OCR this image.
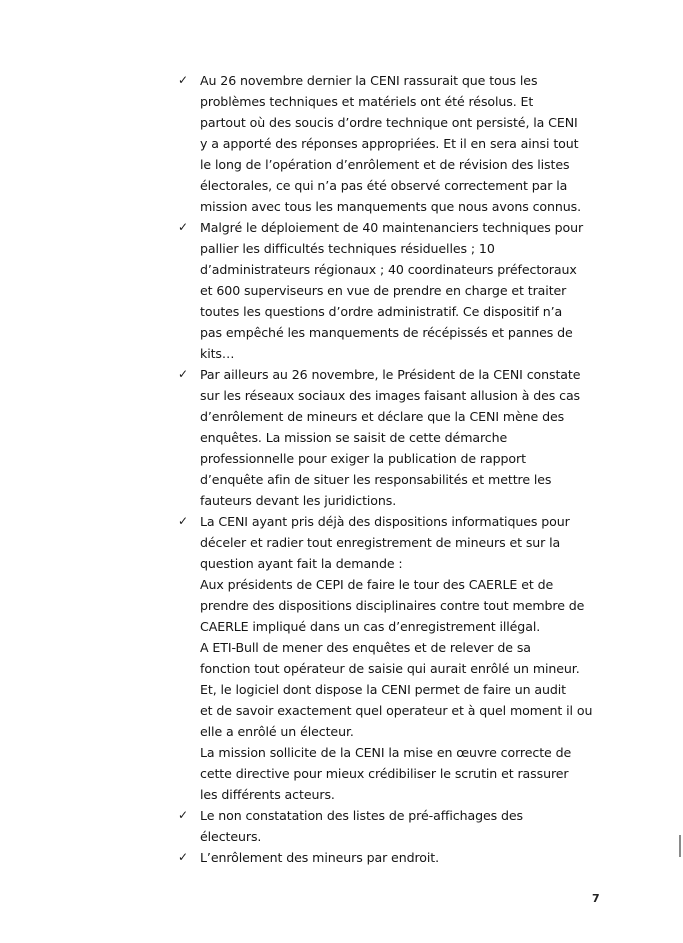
✓ Au 26 novembre dernier la CENI rassurait que tous les
problèmes techniques et matériels ont été résolus. Et
partout où des soucis d’ordre technique ont persisté, la CENI
y a apporté des réponses appropriées. Et il en sera ainsi tout
le long de l’opération d’enrôlement et de révision des listes
électorales, ce qui n’a pas été observé correctement par la
mission avec tous les manquements que nous avons connus.
✓ Malgré le déploiement de 40 maintenanciers techniques pour
pallier les difficultés techniques résiduelles ; 10
d’administrateurs régionaux ; 40 coordinateurs préfectoraux
et 600 superviseurs en vue de prendre en charge et traiter
toutes les questions d’ordre administratif. Ce dispositif n’a
pas empêché les manquements de récépissés et pannes de
kits…
✓ Par ailleurs au 26 novembre, le Président de la CENI constate
sur les réseaux sociaux des images faisant allusion à des cas
d’enrôlement de mineurs et déclare que la CENI mène des
enquêtes. La mission se saisit de cette démarche
professionnelle pour exiger la publication de rapport
d’enquête afin de situer les responsabilités et mettre les
fauteurs devant les juridictions.
✓ La CENI ayant pris déjà des dispositions informatiques pour
déceler et radier tout enregistrement de mineurs et sur la
question ayant fait la demande :
Aux présidents de CEPI de faire le tour des CAERLE et de
prendre des dispositions disciplinaires contre tout membre de
CAERLE impliqué dans un cas d’enregistrement illégal.
A ETI-Bull de mener des enquêtes et de relever de sa
fonction tout opérateur de saisie qui aurait enrôlé un mineur.
Et, le logiciel dont dispose la CENI permet de faire un audit
et de savoir exactement quel operateur et à quel moment il ou
elle a enrôlé un électeur.
La mission sollicite de la CENI la mise en œuvre correcte de
cette directive pour mieux crédibiliser le scrutin et rassurer
les différents acteurs.
✓ Le non constatation des listes de pré-affichages des
électeurs.
✓ L’enrôlement des mineurs par endroit.
7
